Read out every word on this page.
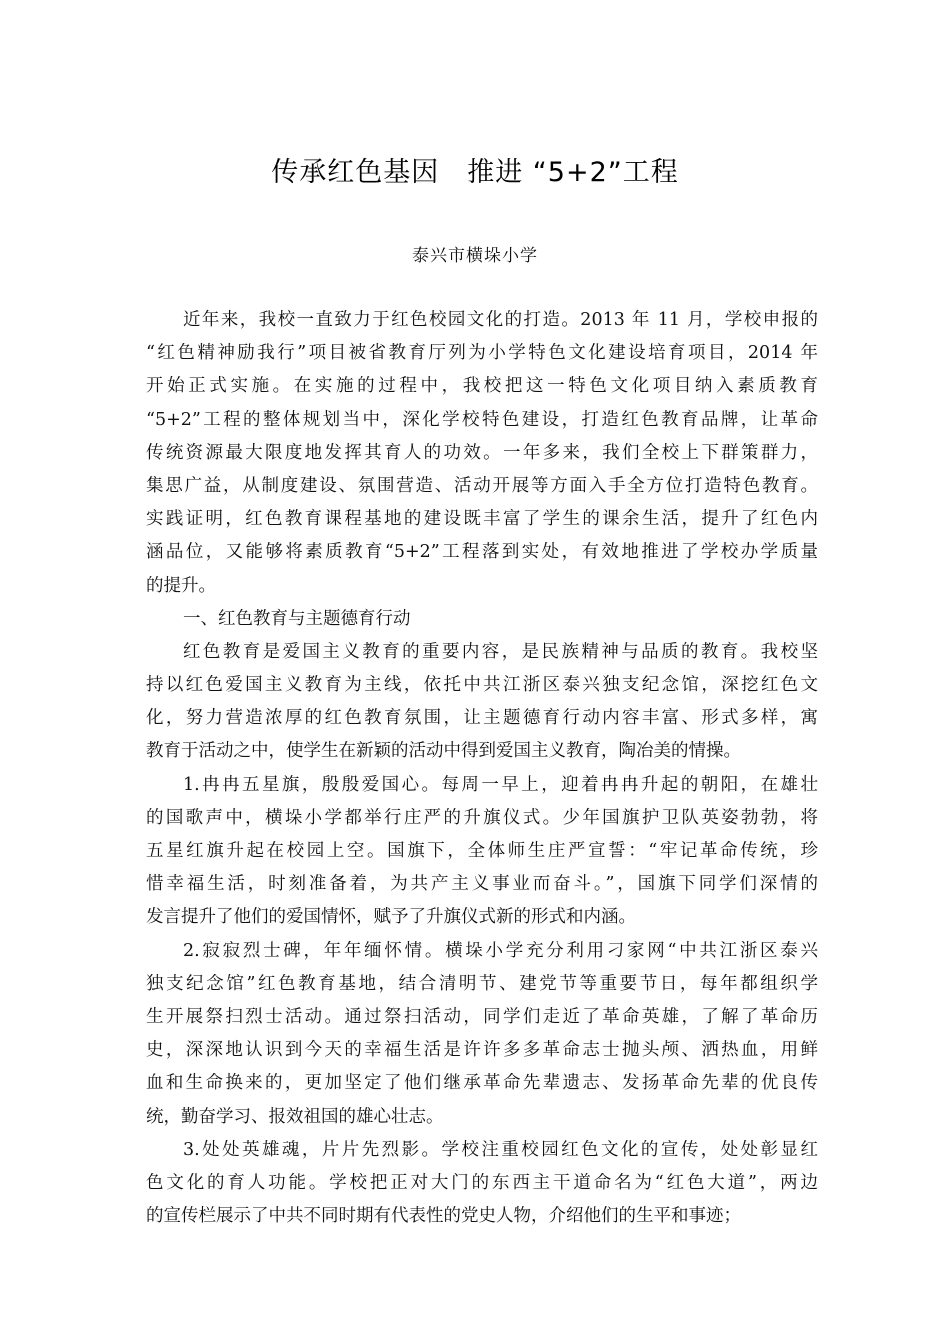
传承红色基因　推进 “5+2”工程
泰兴市横垛小学
近年来，我校一直致力于红色校园文化的打造。2013 年 11 月，学校申报的
“红色精神励我行”项目被省教育厅列为小学特色文化建设培育项目，2014 年
开始正式实施。在实施的过程中，我校把这一特色文化项目纳入素质教育
“5+2”工程的整体规划当中，深化学校特色建设，打造红色教育品牌，让革命
传统资源最大限度地发挥其育人的功效。一年多来，我们全校上下群策群力，
集思广益，从制度建设、氛围营造、活动开展等方面入手全方位打造特色教育。
实践证明，红色教育课程基地的建设既丰富了学生的课余生活，提升了红色内
涵品位，又能够将素质教育“5+2”工程落到实处，有效地推进了学校办学质量
的提升。
一、红色教育与主题德育行动
红色教育是爱国主义教育的重要内容，是民族精神与品质的教育。我校坚
持以红色爱国主义教育为主线，依托中共江浙区泰兴独支纪念馆，深挖红色文
化，努力营造浓厚的红色教育氛围，让主题德育行动内容丰富、形式多样，寓
教育于活动之中，使学生在新颖的活动中得到爱国主义教育，陶冶美的情操。
1.冉冉五星旗，殷殷爱国心。每周一早上，迎着冉冉升起的朝阳，在雄壮
的国歌声中，横垛小学都举行庄严的升旗仪式。少年国旗护卫队英姿勃勃，将
五星红旗升起在校园上空。国旗下，全体师生庄严宣誓：“牢记革命传统，珍
惜幸福生活，时刻准备着，为共产主义事业而奋斗。”，国旗下同学们深情的
发言提升了他们的爱国情怀，赋予了升旗仪式新的形式和内涵。
2.寂寂烈士碑，年年缅怀情。横垛小学充分利用刁家网“中共江浙区泰兴
独支纪念馆”红色教育基地，结合清明节、建党节等重要节日，每年都组织学
生开展祭扫烈士活动。通过祭扫活动，同学们走近了革命英雄，了解了革命历
史，深深地认识到今天的幸福生活是许许多多革命志士抛头颅、洒热血，用鲜
血和生命换来的，更加坚定了他们继承革命先辈遗志、发扬革命先辈的优良传
统，勤奋学习、报效祖国的雄心壮志。
3.处处英雄魂，片片先烈影。学校注重校园红色文化的宣传，处处彰显红
色文化的育人功能。学校把正对大门的东西主干道命名为“红色大道”，两边
的宣传栏展示了中共不同时期有代表性的党史人物，介绍他们的生平和事迹；
